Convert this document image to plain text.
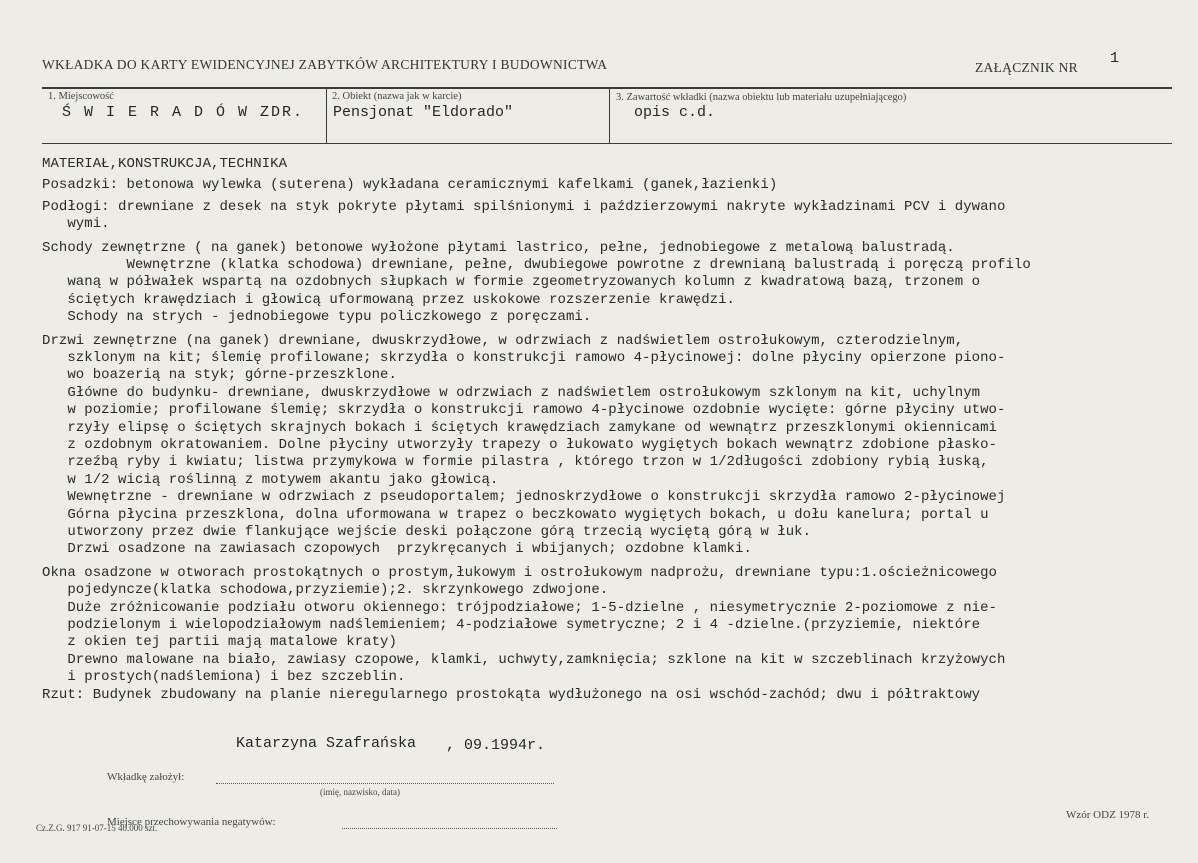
WKŁADKA DO KARTY EWIDENCYJNEJ ZABYTKÓW ARCHITEKTURY I BUDOWNICTWA	ZAŁĄCZNIK NR
1
1. Miejscowość
Ś W I E R A D Ó W ZDR.
2. Obiekt (nazwa jak w karcie)
Pensjonat "Eldorado"
3. Zawartość wkładki (nazwa obiektu lub materiału uzupełniającego)
opis c.d.
MATERIAŁ,KONSTRUKCJA,TECHNIKA
Posadzki: betonowa wylewka (suterena) wykładana ceramicznymi kafelkami (ganek,łazienki)
Podłogi: drewniane z desek na styk pokryte płytami spilśnionymi i paździerzowymi nakryte wykładzinami PCV i dywano
wymi.
Schody zewnętrzne ( na ganek) betonowe wyłożone płytami lastrico, pełne, jednobiegowe z metalową balustradą.
Wewnętrzne (klatka schodowa) drewniane, pełne, dwubiegowe powrotne z drewnianą balustradą i poręczą profilo
waną w półwałek wspartą na ozdobnych słupkach w formie zgeometryzowanych kolumn z kwadratową bazą, trzonem o
ściętych krawędziach i głowicą uformowaną przez uskokowe rozszerzenie krawędzi.
Schody na strych - jednobiegowe typu policzkowego z poręczami.
Drzwi zewnętrzne (na ganek) drewniane, dwuskrzydłowe, w odrzwiach z nadświetlem ostrołukowym, czterodzielnym,
szklonym na kit; ślemię profilowane; skrzydła o konstrukcji ramowo 4-płycinowej: dolne płyciny opierzone piono-
wo boazerią na styk; górne-przeszklone.
Główne do budynku- drewniane, dwuskrzydłowe w odrzwiach z nadświetlem ostrołukowym szklonym na kit, uchylnym
w poziomie; profilowane ślemię; skrzydła o konstrukcji ramowo 4-płycinowe ozdobnie wycięte: górne płyciny utwo-
rzyły elipsę o ściętych skrajnych bokach i ściętych krawędziach zamykane od wewnątrz przeszklonymi okiennicami
z ozdobnym okratowaniem. Dolne płyciny utworzyły trapezy o łukowato wygiętych bokach wewnątrz zdobione płasko-
rzeźbą ryby i kwiatu; listwa przymykowa w formie pilastra , którego trzon w 1/2długości zdobiony rybią łuską,
w 1/2 wicią roślinną z motywem akantu jako głowicą.
Wewnętrzne - drewniane w odrzwiach z pseudoportalem; jednoskrzydłowe o konstrukcji skrzydła ramowo 2-płycinowej
Górna płycina przeszklona, dolna uformowana w trapez o beczkowato wygiętych bokach, u dołu kanelura; portal u
utworzony przez dwie flankujące wejście deski połączone górą trzecią wyciętą górą w łuk.
Drzwi osadzone na zawiasach czopowych  przykręcanych i wbijanych; ozdobne klamki.
Okna osadzone w otworach prostokątnych o prostym,łukowym i ostrołukowym nadprożu, drewniane typu:1.ościeżnicowego
pojedyncze(klatka schodowa,przyziemie);2. skrzynkowego zdwojone.
Duże zróżnicowanie podziału otworu okiennego: trójpodziałowe; 1-5-dzielne , niesymetrycznie 2-poziomowe z nie-
podzielonym i wielopodziałowym nadślemieniem; 4-podziałowe symetryczne; 2 i 4 -dzielne.(przyziemie, niektóre
z okien tej partii mają matalowe kraty)
Drewno malowane na biało, zawiasy czopowe, klamki, uchwyty,zamknięcia; szklone na kit w szczeblinach krzyżowych
i prostych(nadślemiona) i bez szczeblin.
Rzut: Budynek zbudowany na planie nieregularnego prostokąta wydłużonego na osi wschód-zachód; dwu i półtraktowy
Wkładkę założył:
Katarzyna Szafrańska , 09.1994r.
(imię, nazwisko, data)
Miejsce przechowywania negatywów:
Wzór ODZ 1978 r.
Cz.Z.G. 917 91-07-15 40.000 szt.
